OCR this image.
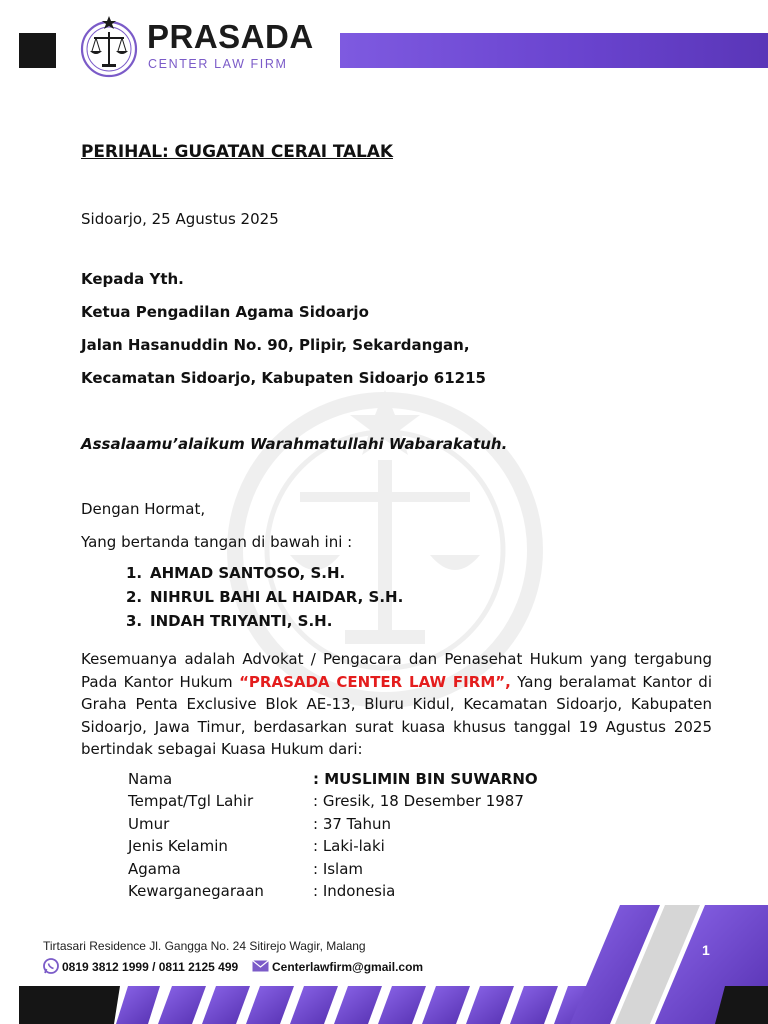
PRASADA
CENTER LAW FIRM
PERIHAL: GUGATAN CERAI TALAK
Sidoarjo, 25 Agustus 2025
Kepada Yth.
Ketua Pengadilan Agama Sidoarjo
Jalan Hasanuddin No. 90, Plipir, Sekardangan,
Kecamatan Sidoarjo, Kabupaten Sidoarjo 61215
Assalaamu’alaikum Warahmatullahi Wabarakatuh.
Dengan Hormat,
Yang bertanda tangan di bawah ini :
1. AHMAD SANTOSO, S.H.
2. NIHRUL BAHI AL HAIDAR, S.H.
3. INDAH TRIYANTI, S.H.
Kesemuanya adalah Advokat / Pengacara dan Penasehat Hukum yang tergabung Pada Kantor Hukum “PRASADA CENTER LAW FIRM”, Yang beralamat Kantor di Graha Penta Exclusive Blok AE-13, Bluru Kidul, Kecamatan Sidoarjo, Kabupaten Sidoarjo, Jawa Timur, berdasarkan surat kuasa khusus tanggal 19 Agustus 2025 bertindak sebagai Kuasa Hukum dari:
Nama	: MUSLIMIN BIN SUWARNO
Tempat/Tgl Lahir	: Gresik, 18 Desember 1987
Umur	: 37 Tahun
Jenis Kelamin	: Laki-laki
Agama	: Islam
Kewarganegaraan	: Indonesia
Tirtasari Residence Jl. Gangga No. 24 Sitirejo Wagir, Malang
0819 3812 1999 / 0811 2125 499	Centerlawfirm@gmail.com
1
